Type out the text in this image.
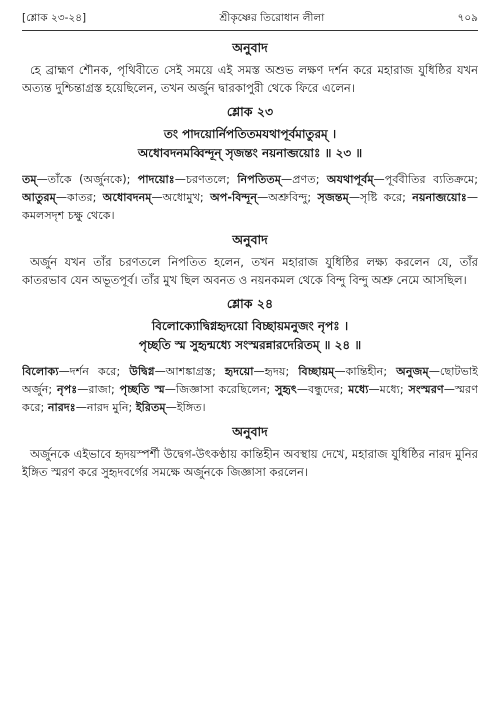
[শ্লোক ২৩-২৪]	শ্রীকৃষ্ণের তিরোধান লীলা	৭০৯
অনুবাদ

হে ব্রাহ্মণ শৌনক, পৃথিবীতে সেই সময়ে এই সমস্ত অশুভ লক্ষণ দর্শন করে মহারাজ যুধিষ্ঠির যখন অত্যন্ত দুশ্চিন্তাগ্রস্ত হয়েছিলেন, তখন অর্জুন দ্বারকাপুরী থেকে ফিরে এলেন।

শ্লোক ২৩

তং পাদয়োর্নিপতিতমযথাপূর্বমাতুরম্ ।

অধোবদনমব্বিন্দূন্ সৃজন্তং নয়নাব্জয়োঃ ॥ ২৩ ॥

তম্—তাঁকে (অর্জুনকে); পাদয়োঃ—চরণতলে; নিপতিতম্—প্রণত; অযথাপূর্বম্—পূর্ববীতির ব্যতিক্রমে; আতুরম্—কাতর; অধোবদনম্—অধোমুখ; অপ-বিন্দূন্—অশ্রুবিন্দু; সৃজন্তম্—সৃষ্টি করে; নয়নাব্জয়োঃ—কমলসদৃশ চক্ষু থেকে।

অনুবাদ

অর্জুন যখন তাঁর চরণতলে নিপতিত হলেন, তখন মহারাজ যুধিষ্ঠির লক্ষ্য করলেন যে, তাঁর কাতরভাব যেন অভূতপূর্ব। তাঁর মুখ ছিল অবনত ও নয়নকমল থেকে বিন্দু বিন্দু অশ্রু নেমে আসছিল।

শ্লোক ২৪

বিলোক্যোদ্বিগ্নহৃদয়ো বিচ্ছায়মনুজং নৃপঃ ।

পৃচ্ছতি স্ম সুহৃন্মধ্যে সংস্মরন্নারদেরিতম্ ॥ ২৪ ॥

বিলোক্য—দর্শন করে; উদ্বিগ্ন—আশঙ্কাগ্রস্ত; হৃদয়ো—হৃদয়; বিচ্ছায়ম্—কান্তিহীন; অনুজম্—ছোটভাই অর্জুন; নৃপঃ—রাজা; পৃচ্ছতি স্ম—জিজ্ঞাসা করেছিলেন; সুহৃৎ—বন্ধুদের; মধ্যে—মধ্যে; সংস্মরণ—স্মরণ করে; নারদঃ—নারদ মুনি; ইরিতম্—ইঙ্গিত।

অনুবাদ

অর্জুনকে এইভাবে হৃদয়স্পর্শী উদ্বেগ-উৎকণ্ঠায় কান্তিহীন অবস্থায় দেখে, মহারাজ যুধিষ্ঠির নারদ মুনির ইঙ্গিত স্মরণ করে সুহৃদবর্গের সমক্ষে অর্জুনকে জিজ্ঞাসা করলেন।
